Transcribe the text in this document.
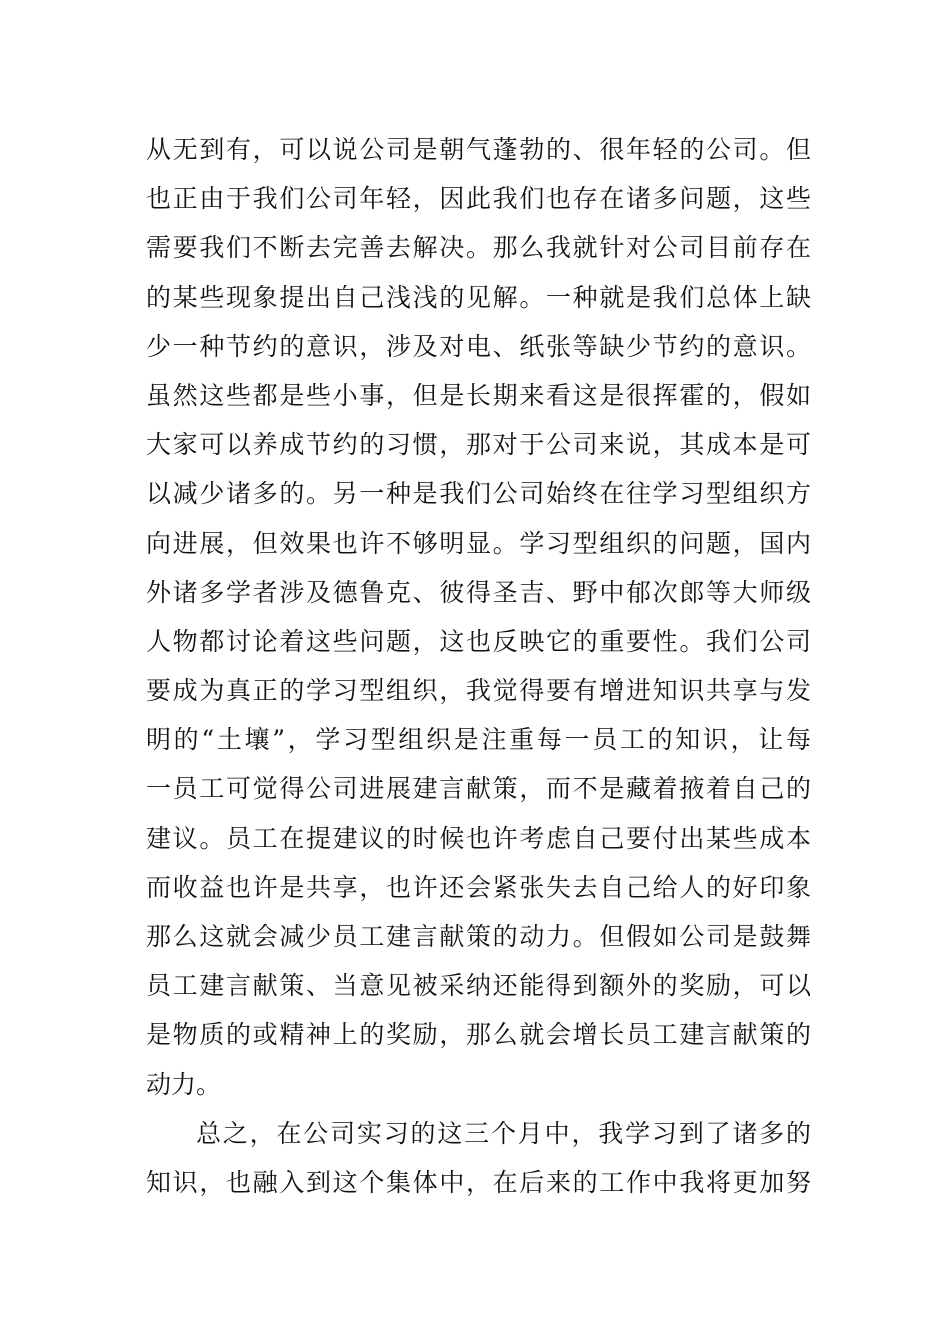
从无到有，可以说公司是朝气蓬勃的、很年轻的公司。但
也正由于我们公司年轻，因此我们也存在诸多问题，这些
需要我们不断去完善去解决。那么我就针对公司目前存在
的某些现象提出自己浅浅的见解。一种就是我们总体上缺
少一种节约的意识，涉及对电、纸张等缺少节约的意识。
虽然这些都是些小事，但是长期来看这是很挥霍的，假如
大家可以养成节约的习惯，那对于公司来说，其成本是可
以减少诸多的。另一种是我们公司始终在往学习型组织方
向进展，但效果也许不够明显。学习型组织的问题，国内
外诸多学者涉及德鲁克、彼得圣吉、野中郁次郎等大师级
人物都讨论着这些问题，这也反映它的重要性。我们公司
要成为真正的学习型组织，我觉得要有增进知识共享与发
明的“土壤”，学习型组织是注重每一员工的知识，让每
一员工可觉得公司进展建言献策，而不是藏着掖着自己的
建议。员工在提建议的时候也许考虑自己要付出某些成本
而收益也许是共享，也许还会紧张失去自己给人的好印象
那么这就会减少员工建言献策的动力。但假如公司是鼓舞
员工建言献策、当意见被采纳还能得到额外的奖励，可以
是物质的或精神上的奖励，那么就会增长员工建言献策的
动力。
总之，在公司实习的这三个月中，我学习到了诸多的
知识，也融入到这个集体中，在后来的工作中我将更加努
